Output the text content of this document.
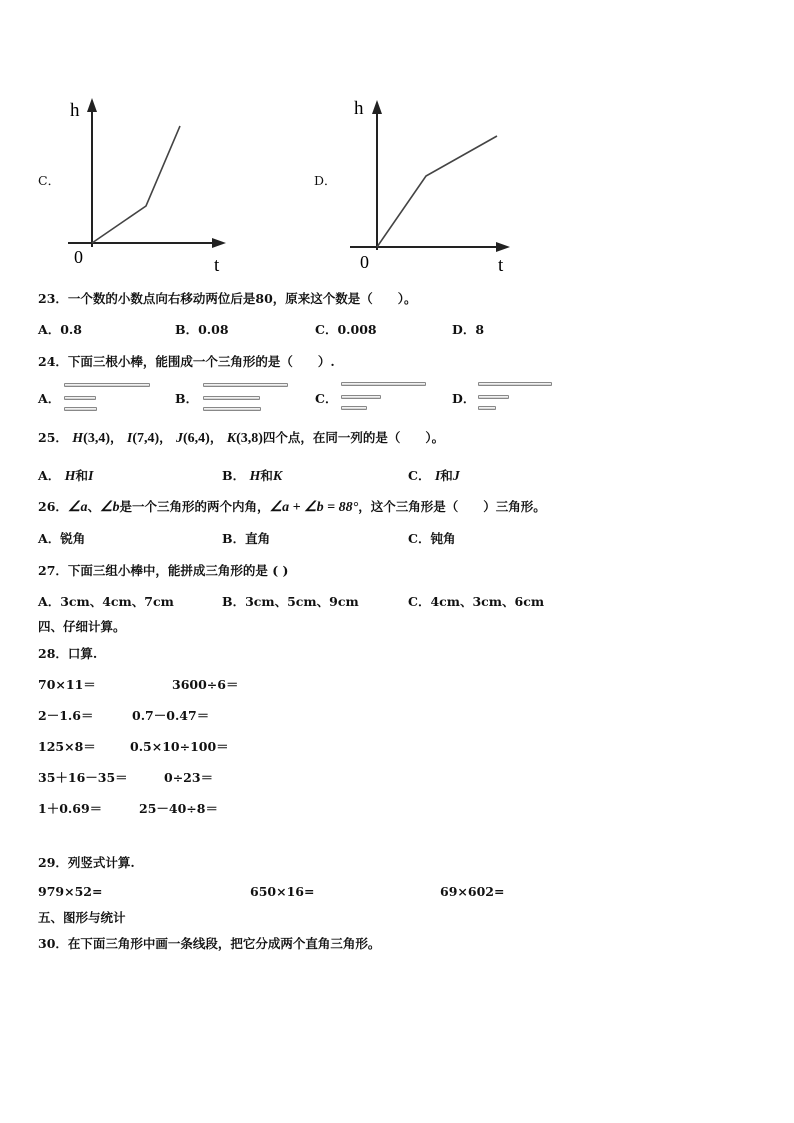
C．
h
t
0
D．
h
t
0
23．一个数的小数点向右移动两位后是80，原来这个数是（　　）。
A．0.8	B．0.08	C．0.008	D．8
24．下面三根小棒，能围成一个三角形的是（　　）.
A．	B．	C．	D．
25． H(3,4)， I(7,4)， J(6,4)， K(3,8)四个点，在同一列的是（　　）。
A． H和I	B． H和K	C． I和J
26．∠a、∠b是一个三角形的两个内角，∠a + ∠b = 88°，这个三角形是（　　）三角形。
A．锐角	B．直角	C．钝角
27．下面三组小棒中，能拼成三角形的是 ( )
A．3cm、4cm、7cm	B．3cm、5cm、9cm	C．4cm、3cm、6cm
四、仔细计算。
28．口算.
70×11＝	3600÷6＝
2－1.6＝	0.7－0.47＝
125×8＝	0.5×10÷100＝
35＋16－35＝	0÷23＝
1＋0.69＝	25－40÷8＝
29．列竖式计算.
979×52=	650×16=	69×602=
五、图形与统计
30．在下面三角形中画一条线段，把它分成两个直角三角形。
